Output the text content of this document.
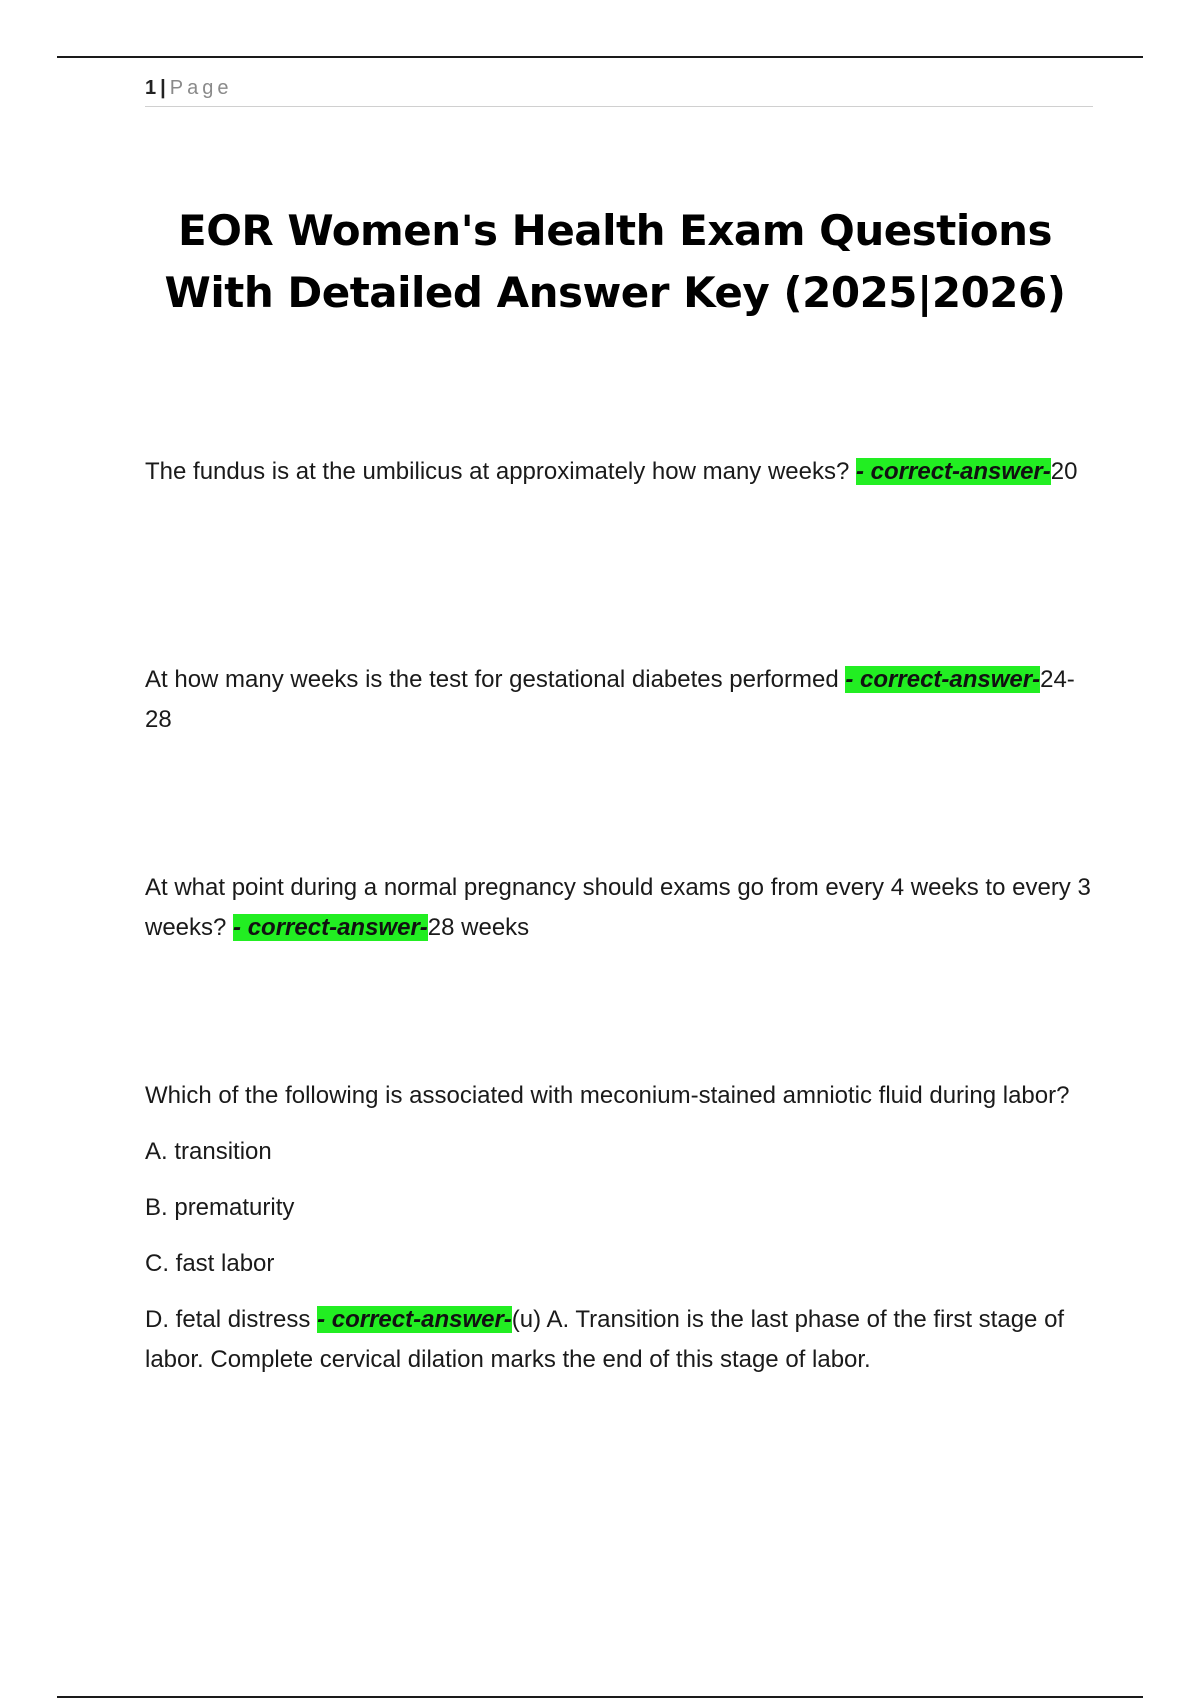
1 | Page
EOR Women's Health Exam Questions With Detailed Answer Key (2025|2026)

The fundus is at the umbilicus at approximately how many weeks? - correct-answer-20

At how many weeks is the test for gestational diabetes performed - correct-answer-24-28

At what point during a normal pregnancy should exams go from every 4 weeks to every 3 weeks? - correct-answer-28 weeks

Which of the following is associated with meconium-stained amniotic fluid during labor?

A. transition

B. prematurity

C. fast labor

D. fetal distress - correct-answer-(u) A. Transition is the last phase of the first stage of labor. Complete cervical dilation marks the end of this stage of labor.
